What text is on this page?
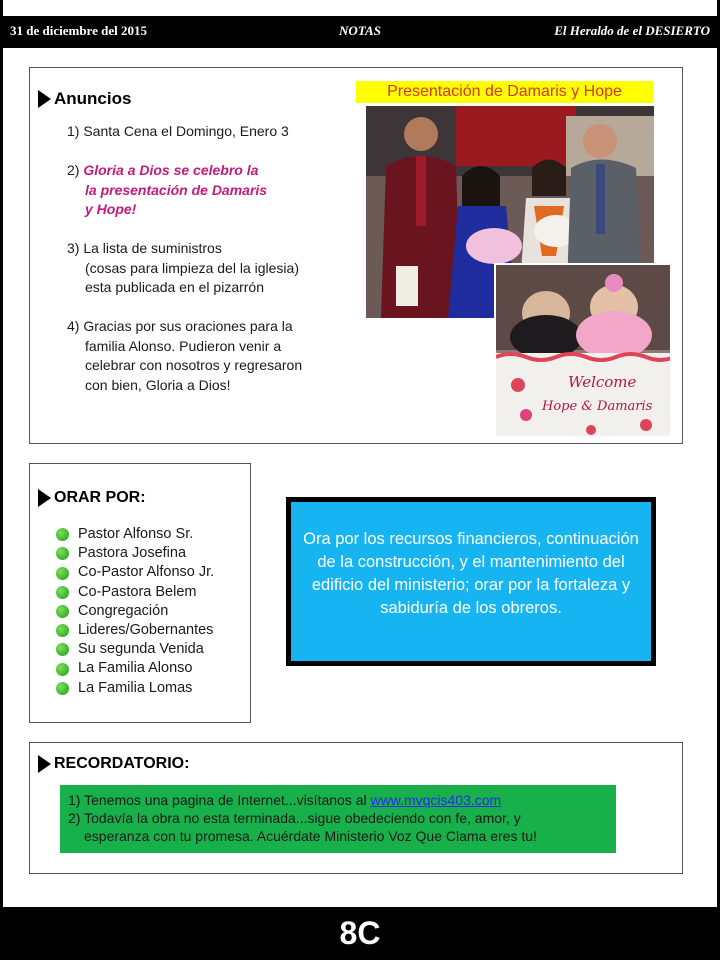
31 de diciembre del 2015	NOTAS	El Heraldo de el DESIERTO
Anuncios
1) Santa Cena el Domingo, Enero 3
2) Gloria a Dios se celebro la
la presentación de Damaris
y Hope!
3) La lista de suministros
(cosas para limpieza del la iglesia)
esta publicada en el pizarrón
4) Gracias por sus oraciones para la
familia Alonso. Pudieron venir a
celebrar con nosotros y regresaron
con bien, Gloria a Dios!
Presentación de Damaris y Hope
Welcome
Hope & Damaris
ORAR POR:
Pastor Alfonso Sr.
Pastora Josefina
Co-Pastor Alfonso Jr.
Co-Pastora Belem
Congregación
Lideres/Gobernantes
Su segunda Venida
La Familia Alonso
La Familia Lomas
Ora por los recursos financieros, continuación de la construcción, y el mantenimiento del edificio del ministerio; orar por la fortaleza y sabiduría de los obreros.
RECORDATORIO:
1) Tenemos una pagina de Internet...visítanos al www.mvqcis403.com
2) Todavía la obra no esta terminada...sigue obedeciendo con fe, amor, y
esperanza con tu promesa. Acuérdate Ministerio Voz Que Clama eres tu!
8C
